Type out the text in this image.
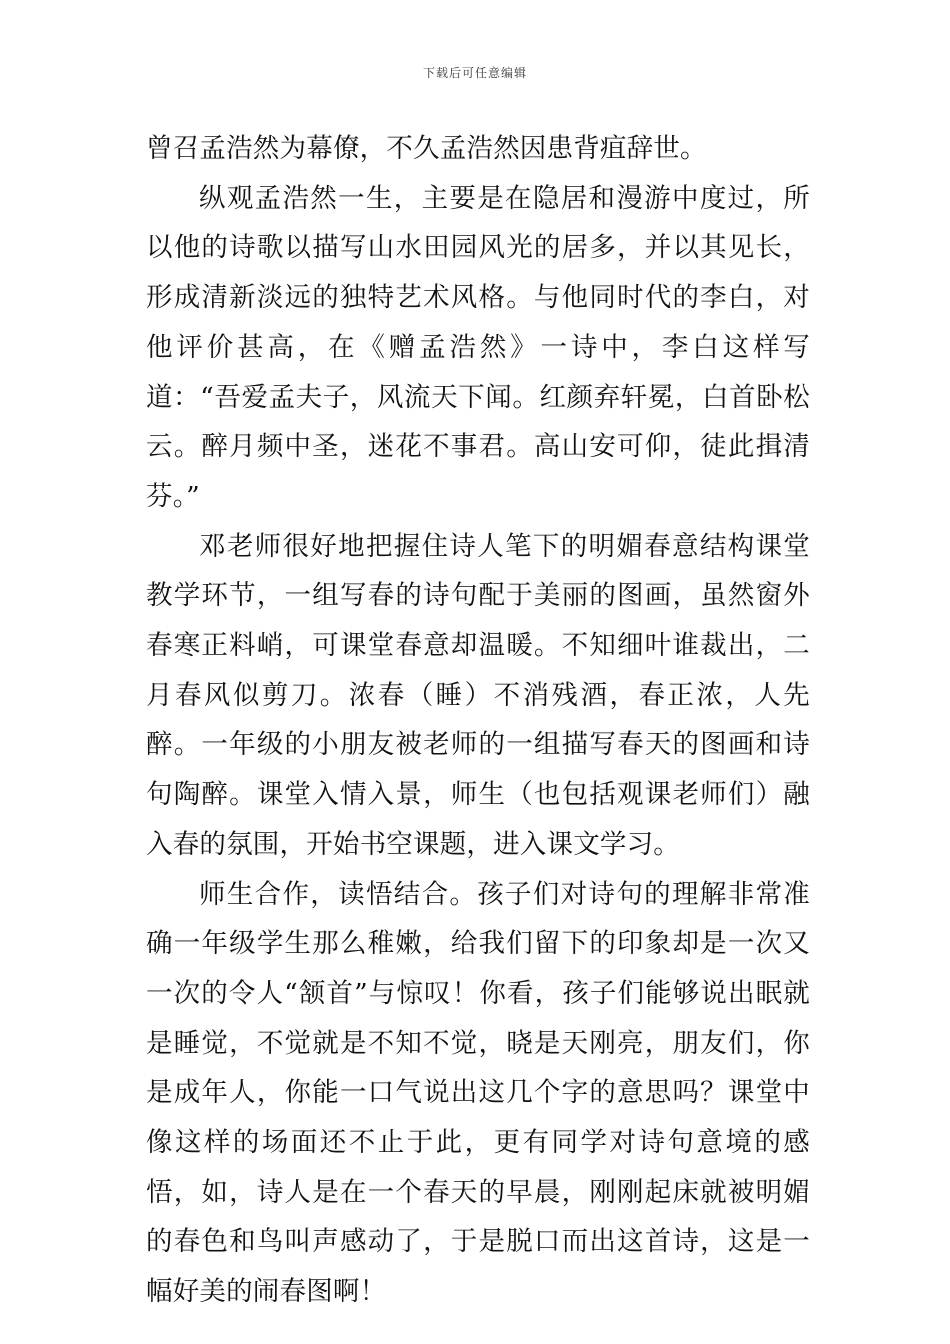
下载后可任意编辑

曾召孟浩然为幕僚，不久孟浩然因患背疽辞世。

纵观孟浩然一生，主要是在隐居和漫游中度过，所以他的诗歌以描写山水田园风光的居多，并以其见长，形成清新淡远的独特艺术风格。与他同时代的李白，对他评价甚高，在《赠孟浩然》一诗中，李白这样写道：“吾爱孟夫子，风流天下闻。红颜弃轩冕，白首卧松云。醉月频中圣，迷花不事君。高山安可仰，徒此揖清芬。”

邓老师很好地把握住诗人笔下的明媚春意结构课堂教学环节，一组写春的诗句配于美丽的图画，虽然窗外春寒正料峭，可课堂春意却温暖。不知细叶谁裁出，二月春风似剪刀。浓春（睡）不消残酒，春正浓，人先醉。一年级的小朋友被老师的一组描写春天的图画和诗句陶醉。课堂入情入景，师生（也包括观课老师们）融入春的氛围，开始书空课题，进入课文学习。

师生合作，读悟结合。孩子们对诗句的理解非常准确一年级学生那么稚嫩，给我们留下的印象却是一次又一次的令人“颔首”与惊叹！你看，孩子们能够说出眠就是睡觉，不觉就是不知不觉，晓是天刚亮，朋友们，你是成年人，你能一口气说出这几个字的意思吗？课堂中像这样的场面还不止于此，更有同学对诗句意境的感悟，如，诗人是在一个春天的早晨，刚刚起床就被明媚的春色和鸟叫声感动了，于是脱口而出这首诗，这是一幅好美的闹春图啊！
